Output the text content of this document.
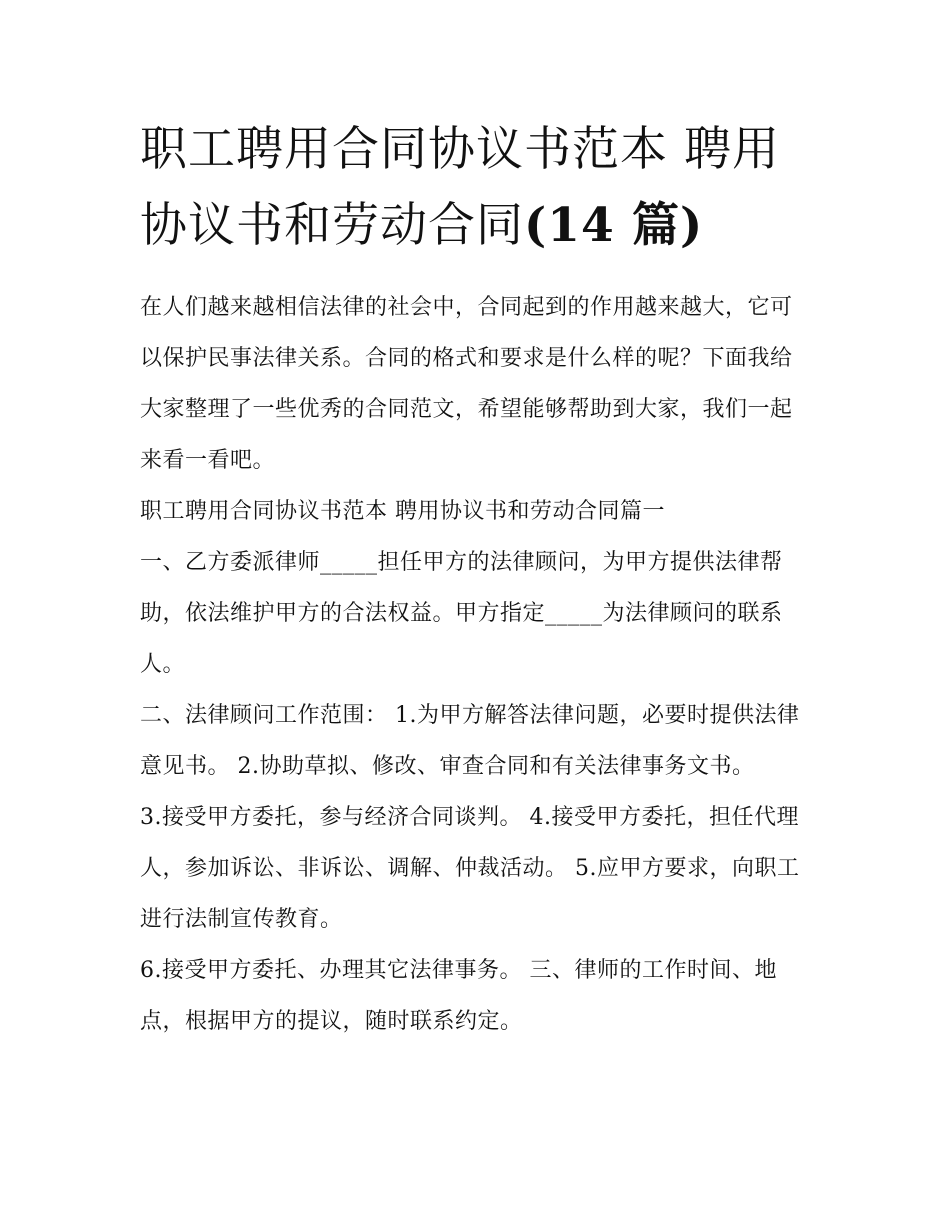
职工聘用合同协议书范本 聘用协议书和劳动合同(14 篇)

在人们越来越相信法律的社会中，合同起到的作用越来越大，它可以保护民事法律关系。合同的格式和要求是什么样的呢？下面我给大家整理了一些优秀的合同范文，希望能够帮助到大家，我们一起来看一看吧。

职工聘用合同协议书范本 聘用协议书和劳动合同篇一

一、乙方委派律师_____担任甲方的法律顾问，为甲方提供法律帮助，依法维护甲方的合法权益。甲方指定_____为法律顾问的联系人。

二、法律顾问工作范围： 1.为甲方解答法律问题，必要时提供法律意见书。 2.协助草拟、修改、审查合同和有关法律事务文书。

3.接受甲方委托，参与经济合同谈判。 4.接受甲方委托，担任代理人，参加诉讼、非诉讼、调解、仲裁活动。 5.应甲方要求，向职工进行法制宣传教育。

6.接受甲方委托、办理其它法律事务。 三、律师的工作时间、地点，根据甲方的提议，随时联系约定。
